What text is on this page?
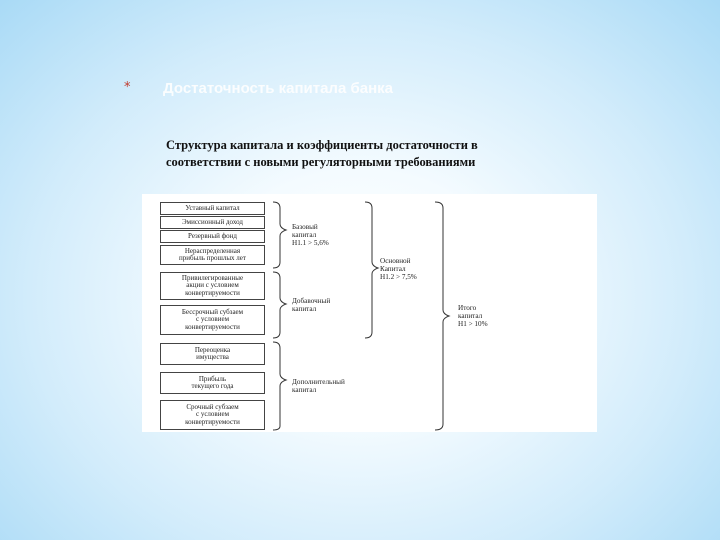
* Достаточность капитала банка
Структура капитала и коэффициенты достаточности в
соответствии с новыми регуляторными требованиями
Уставный капитал
Эмиссионный доход
Резервный фонд
Нераспределенная
прибыль прошлых лет
Привилегированные
акции с условием
конвертируемости
Бессрочный субзаем
с условием
конвертируемости
Переоценка
имущества
Прибыль
текущего года
Срочный субзаем
с условием
конвертируемости
Базовый
капитал
Н1.1 > 5,6%
Добавочный
капитал
Дополнительный
капитал
Основной
Капитал
Н1.2 > 7,5%
Итого
капитал
Н1 > 10%
